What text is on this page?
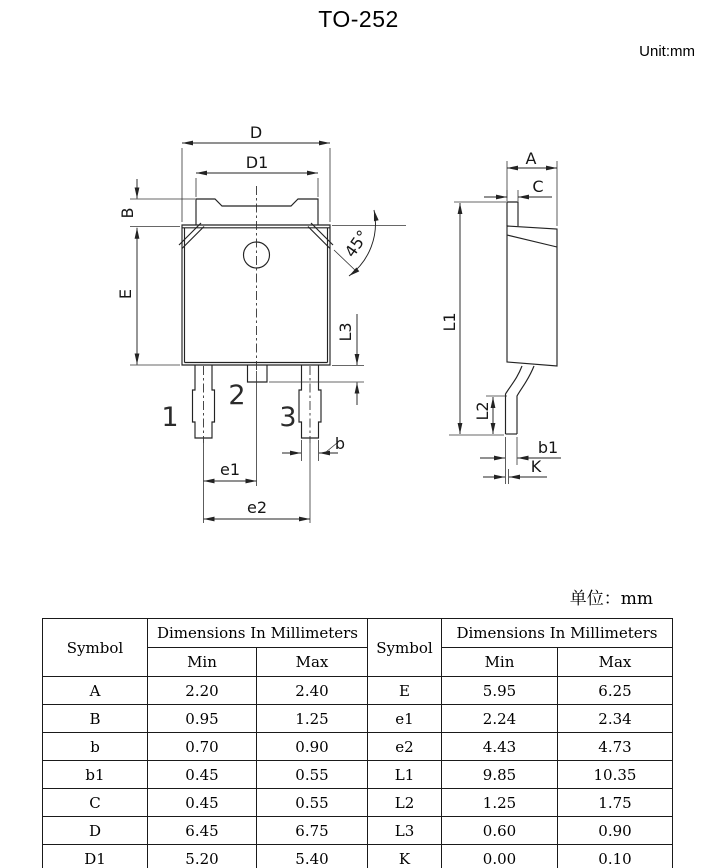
TO-252
Unit:mm
D
D1
B
E
45°
L3
1
2
3
e1
e2
b
A
C
L1
L2
b1
K
单位：mm
Symbol	Dimensions In Millimeters		Symbol	Dimensions In Millimeters	
	Min	Max		Min	Max
A	2.20	2.40	E	5.95	6.25
B	0.95	1.25	e1	2.24	2.34
b	0.70	0.90	e2	4.43	4.73
b1	0.45	0.55	L1	9.85	10.35
C	0.45	0.55	L2	1.25	1.75
D	6.45	6.75	L3	0.60	0.90
D1	5.20	5.40	K	0.00	0.10
